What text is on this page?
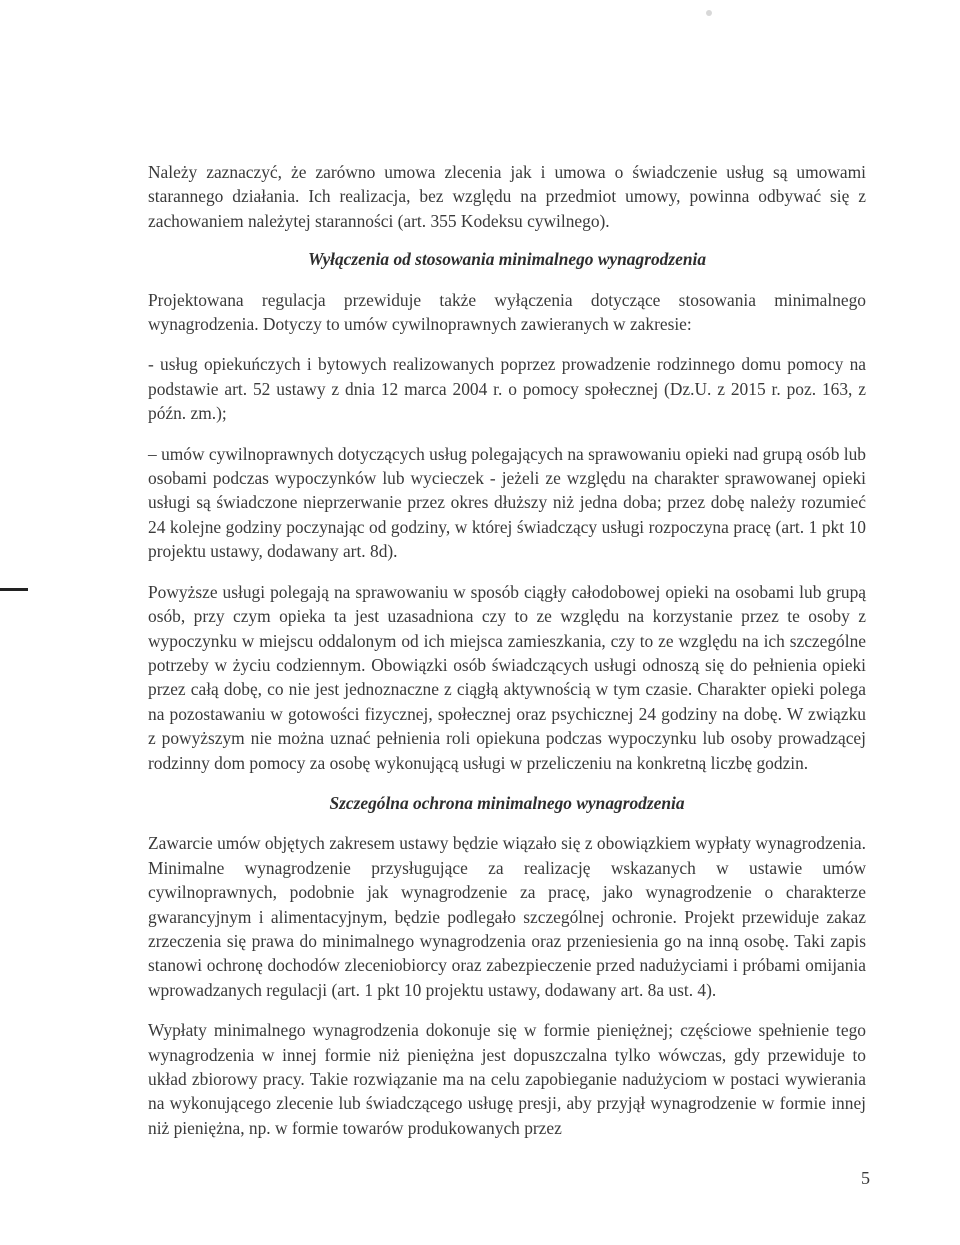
Należy zaznaczyć, że zarówno umowa zlecenia jak i umowa o świadczenie usług są umowami starannego działania. Ich realizacja, bez względu na przedmiot umowy, powinna odbywać się z zachowaniem należytej staranności (art. 355 Kodeksu cywilnego).

Wyłączenia od stosowania minimalnego wynagrodzenia

Projektowana regulacja przewiduje także wyłączenia dotyczące stosowania minimalnego wynagrodzenia. Dotyczy to umów cywilnoprawnych zawieranych w zakresie:

- usług opiekuńczych i bytowych realizowanych poprzez prowadzenie rodzinnego domu pomocy na podstawie art. 52 ustawy z dnia 12 marca 2004 r. o pomocy społecznej (Dz.U. z 2015 r. poz. 163, z późn. zm.);

– umów cywilnoprawnych dotyczących usług polegających na sprawowaniu opieki nad grupą osób lub osobami podczas wypoczynków lub wycieczek - jeżeli ze względu na charakter sprawowanej opieki usługi są świadczone nieprzerwanie przez okres dłuższy niż jedna doba; przez dobę należy rozumieć 24 kolejne godziny poczynając od godziny, w której świadczący usługi rozpoczyna pracę (art. 1 pkt 10 projektu ustawy, dodawany art. 8d).

Powyższe usługi polegają na sprawowaniu w sposób ciągły całodobowej opieki na osobami lub grupą osób, przy czym opieka ta jest uzasadniona czy to ze względu na korzystanie przez te osoby z wypoczynku w miejscu oddalonym od ich miejsca zamieszkania, czy to ze względu na ich szczególne potrzeby w życiu codziennym. Obowiązki osób świadczących usługi odnoszą się do pełnienia opieki przez całą dobę, co nie jest jednoznaczne z ciągłą aktywnością w tym czasie. Charakter opieki polega na pozostawaniu w gotowości fizycznej, społecznej oraz psychicznej 24 godziny na dobę. W związku z powyższym nie można uznać pełnienia roli opiekuna podczas wypoczynku lub osoby prowadzącej rodzinny dom pomocy za osobę wykonującą usługi w przeliczeniu na konkretną liczbę godzin.

Szczególna ochrona minimalnego wynagrodzenia

Zawarcie umów objętych zakresem ustawy będzie wiązało się z obowiązkiem wypłaty wynagrodzenia. Minimalne wynagrodzenie przysługujące za realizację wskazanych w ustawie umów cywilnoprawnych, podobnie jak wynagrodzenie za pracę, jako wynagrodzenie o charakterze gwarancyjnym i alimentacyjnym, będzie podlegało szczególnej ochronie. Projekt przewiduje zakaz zrzeczenia się prawa do minimalnego wynagrodzenia oraz przeniesienia go na inną osobę. Taki zapis stanowi ochronę dochodów zleceniobiorcy oraz zabezpieczenie przed nadużyciami i próbami omijania wprowadzanych regulacji (art. 1 pkt 10 projektu ustawy, dodawany art. 8a ust. 4).

Wypłaty minimalnego wynagrodzenia dokonuje się w formie pieniężnej; częściowe spełnienie tego wynagrodzenia w innej formie niż pieniężna jest dopuszczalna tylko wówczas, gdy przewiduje to układ zbiorowy pracy. Takie rozwiązanie ma na celu zapobieganie nadużyciom w postaci wywierania na wykonującego zlecenie lub świadczącego usługę presji, aby przyjął wynagrodzenie w formie innej niż pieniężna, np. w formie towarów produkowanych przez

5
